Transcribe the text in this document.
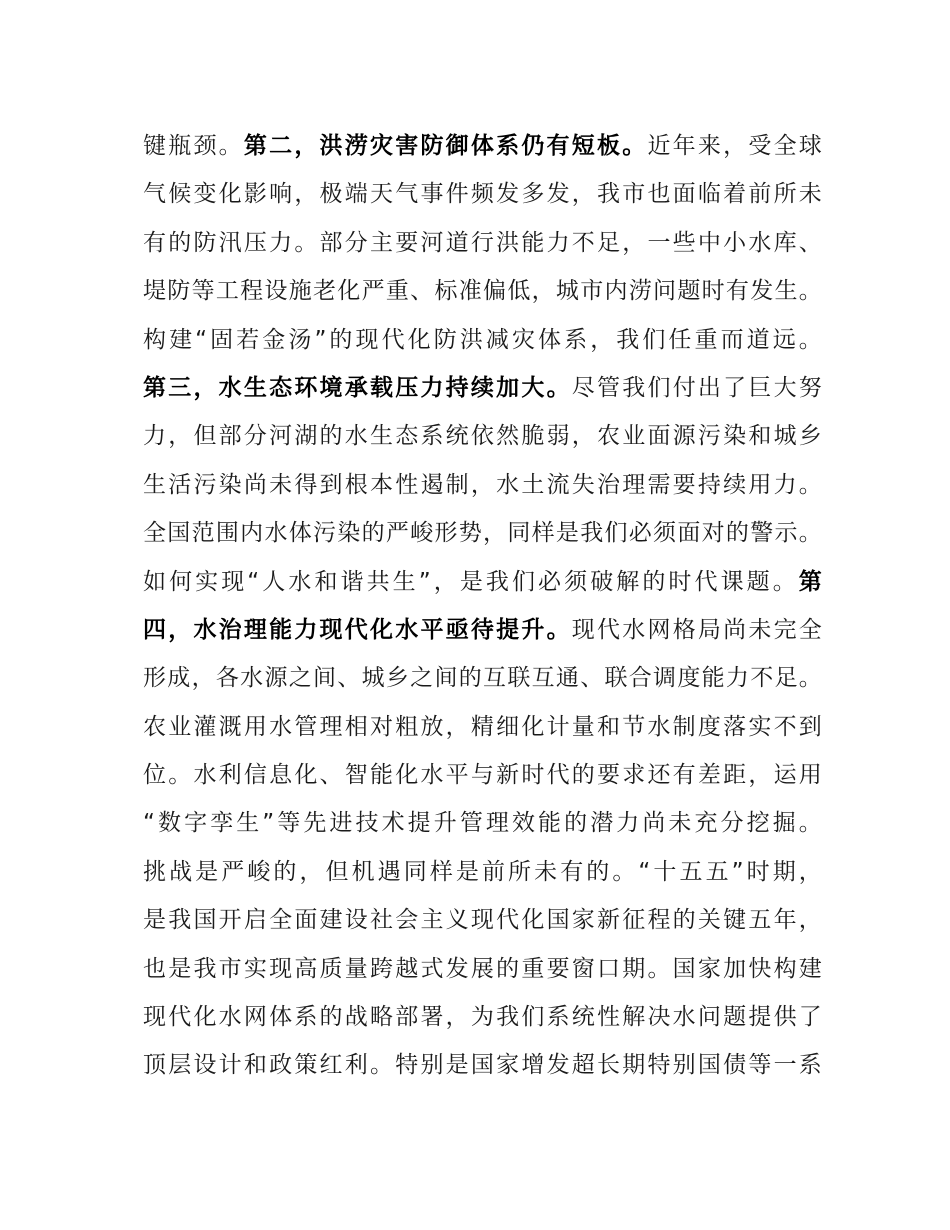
键瓶颈。第二，洪涝灾害防御体系仍有短板。近年来，受全球
气候变化影响，极端天气事件频发多发，我市也面临着前所未
有的防汛压力。部分主要河道行洪能力不足，一些中小水库、
堤防等工程设施老化严重、标准偏低，城市内涝问题时有发生。
构建“固若金汤”的现代化防洪减灾体系，我们任重而道远。
第三，水生态环境承载压力持续加大。尽管我们付出了巨大努
力，但部分河湖的水生态系统依然脆弱，农业面源污染和城乡
生活污染尚未得到根本性遏制，水土流失治理需要持续用力。
全国范围内水体污染的严峻形势，同样是我们必须面对的警示。
如何实现“人水和谐共生”，是我们必须破解的时代课题。第
四，水治理能力现代化水平亟待提升。现代水网格局尚未完全
形成，各水源之间、城乡之间的互联互通、联合调度能力不足。
农业灌溉用水管理相对粗放，精细化计量和节水制度落实不到
位。水利信息化、智能化水平与新时代的要求还有差距，运用
“数字孪生”等先进技术提升管理效能的潜力尚未充分挖掘。
挑战是严峻的，但机遇同样是前所未有的。“十五五”时期，
是我国开启全面建设社会主义现代化国家新征程的关键五年，
也是我市实现高质量跨越式发展的重要窗口期。国家加快构建
现代化水网体系的战略部署，为我们系统性解决水问题提供了
顶层设计和政策红利。特别是国家增发超长期特别国债等一系
